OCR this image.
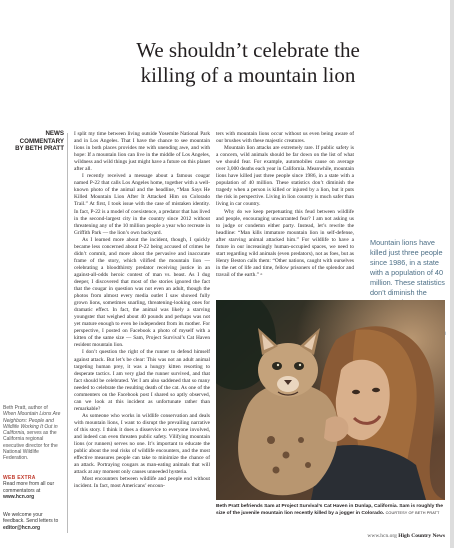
We shouldn’t celebrate the
killing of a mountain lion
NEWS
COMMENTARY
BY BETH PRATT

I split my time between living outside Yosemite National Park and in Los Angeles. That I have the chance to see mountain lions in both places provides me with unending awe, and with hope: If a mountain lion can live in the middle of Los Angeles, wildness and wild things just might have a future on this planet after all.

I recently received a message about a famous cougar named P-22 that calls Los Angeles home, together with a well-known photo of the animal and the headline, “Man Says He Killed Mountain Lion After It Attacked Him on Colorado Trail.” At first, I took issue with the case of mistaken identity. In fact, P-22 is a model of coexistence, a predator that has lived in the second-largest city in the country since 2012 without threatening any of the 10 million people a year who recreate in Griffith Park — the lion’s own backyard.

As I learned more about the incident, though, I quickly became less concerned about P-22 being accused of crimes he didn’t commit, and more about the pervasive and inaccurate frame of the story, which vilified the mountain lion — celebrating a bloodthirsty predator receiving justice in an against-all-odds heroic contest of man vs. beast. As I dug deeper, I discovered that most of the stories ignored the fact that the cougar in question was not even an adult, though the photos from almost every media outlet I saw showed fully grown lions, sometimes snarling, threatening-looking ones for dramatic effect. In fact, the animal was likely a starving youngster that weighed about 40 pounds and perhaps was not yet mature enough to even be independent from its mother. For perspective, I posted on Facebook a photo of myself with a kitten of the same size — Sam, Project Survival’s Cat Haven resident mountain lion.

I don’t question the right of the runner to defend himself against attack. But let’s be clear: This was not an adult animal targeting human prey, it was a hungry kitten resorting to desperate tactics. I am very glad the runner survived, and that fact should be celebrated. Yet I am also saddened that so many needed to celebrate the resulting death of the cat. As one of the commenters on the Facebook post I shared so aptly observed, can we look at this incident as unfortunate rather than remarkable?

As someone who works in wildlife conservation and deals with mountain lions, I want to disrupt the prevailing narrative of this story. I think it does a disservice to everyone involved, and indeed can even threaten public safety. Vilifying mountain lions (or runners) serves no one. It’s important to educate the public about the real risks of wildlife encounters, and the most effective measures people can take to minimize the chance of an attack. Portraying cougars as man-eating animals that will attack at any moment only causes unneeded hysteria.

Most encounters between wildlife and people end without incident. In fact, most Americans’ encoun-

ters with mountain lions occur without us even being aware of our brushes with these majestic creatures.

Mountain lion attacks are extremely rare. If public safety is a concern, wild animals should be far down on the list of what we should fear. For example, automobiles cause on average over 3,000 deaths each year in California. Meanwhile, mountain lions have killed just three people since 1986, in a state with a population of 40 million. These statistics don’t diminish the tragedy when a person is killed or injured by a lion, but it puts the risk in perspective. Living in lion country is much safer than living in car country.

Why do we keep perpetuating this feud between wildlife and people, encouraging unwarranted fear? I am not asking us to judge or condemn either party. Instead, let’s rewrite the headline: “Man kills immature mountain lion in self-defense, after starving animal attacked him.” For wildlife to have a future in our increasingly human-occupied spaces, we need to start regarding wild animals (even predators), not as foes, but as Henry Beston calls them: “Other nations, caught with ourselves in the net of life and time, fellow prisoners of the splendor and travail of the earth.” ▫

Mountain lions have killed just three people since 1986, in a state with a population of 40 million. These statistics don’t diminish the
Beth Pratt befriends Sam at Project Survival’s Cat Haven in Dunlap, California. Sam is roughly the size of the juvenile mountain lion recently killed by a jogger in Colorado. COURTESY OF BETH PRATT
Beth Pratt, author of When Mountain Lions Are Neighbors: People and Wildlife Working It Out in California, serves as the California regional executive director for the National Wildlife Federation.
WEB EXTRA
Read more from all our commentators at
www.hcn.org
We welcome your feedback. Send letters to
editor@hcn.org
www.hcn.org High Country News
